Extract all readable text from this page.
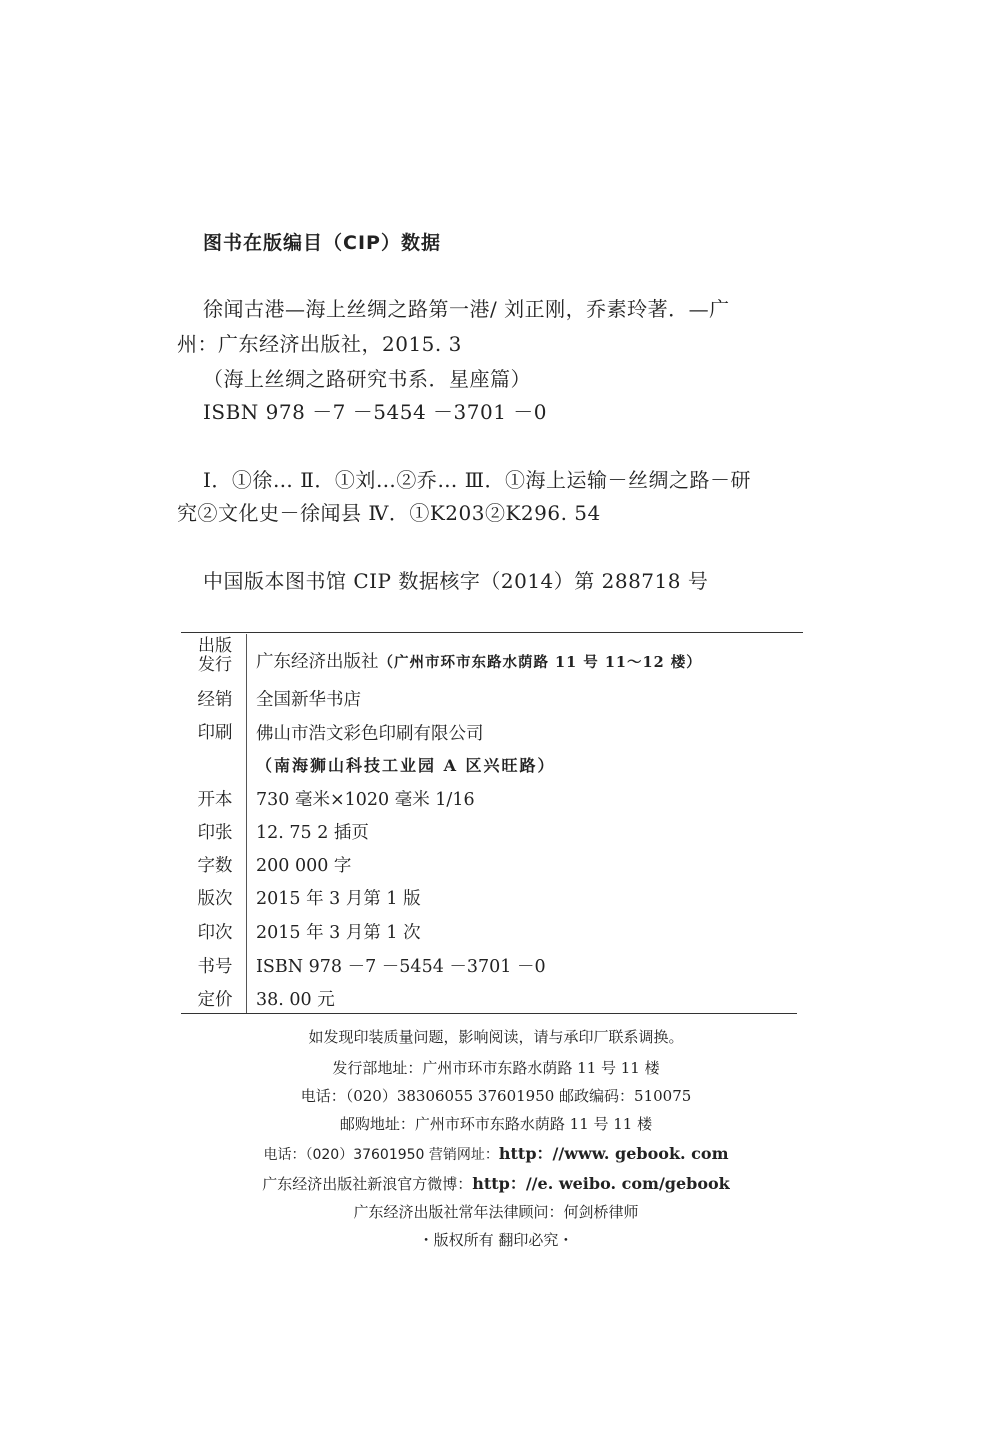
图书在版编目（CIP）数据
徐闻古港—海上丝绸之路第一港/ 刘正刚，乔素玲著．—广
州：广东经济出版社，2015. 3
（海上丝绸之路研究书系．星座篇）
ISBN 978 －7 －5454 －3701 －0
Ⅰ．①徐… Ⅱ．①刘…②乔… Ⅲ．①海上运输－丝绸之路－研
究②文化史－徐闻县 Ⅳ．①K203②K296. 54
中国版本图书馆 CIP 数据核字（2014）第 288718 号
出版
发行 广东经济出版社（广州市环市东路水荫路 11 号 11～12 楼）
经销 全国新华书店
印刷 佛山市浩文彩色印刷有限公司
（南海狮山科技工业园 A 区兴旺路）
开本 730 毫米×1020 毫米 1/16
印张 12. 75 2 插页
字数 200 000 字
版次 2015 年 3 月第 1 版
印次 2015 年 3 月第 1 次
书号 ISBN 978 －7 －5454 －3701 －0
定价 38. 00 元
如发现印装质量问题，影响阅读，请与承印厂联系调换。
发行部地址：广州市环市东路水荫路 11 号 11 楼
电话：（020）38306055 37601950 邮政编码：510075
邮购地址：广州市环市东路水荫路 11 号 11 楼
电话：（020）37601950 营销网址：http：//www. gebook. com
广东经济出版社新浪官方微博：http：//e. weibo. com/gebook
广东经济出版社常年法律顾问：何剑桥律师
・版权所有 翻印必究・
